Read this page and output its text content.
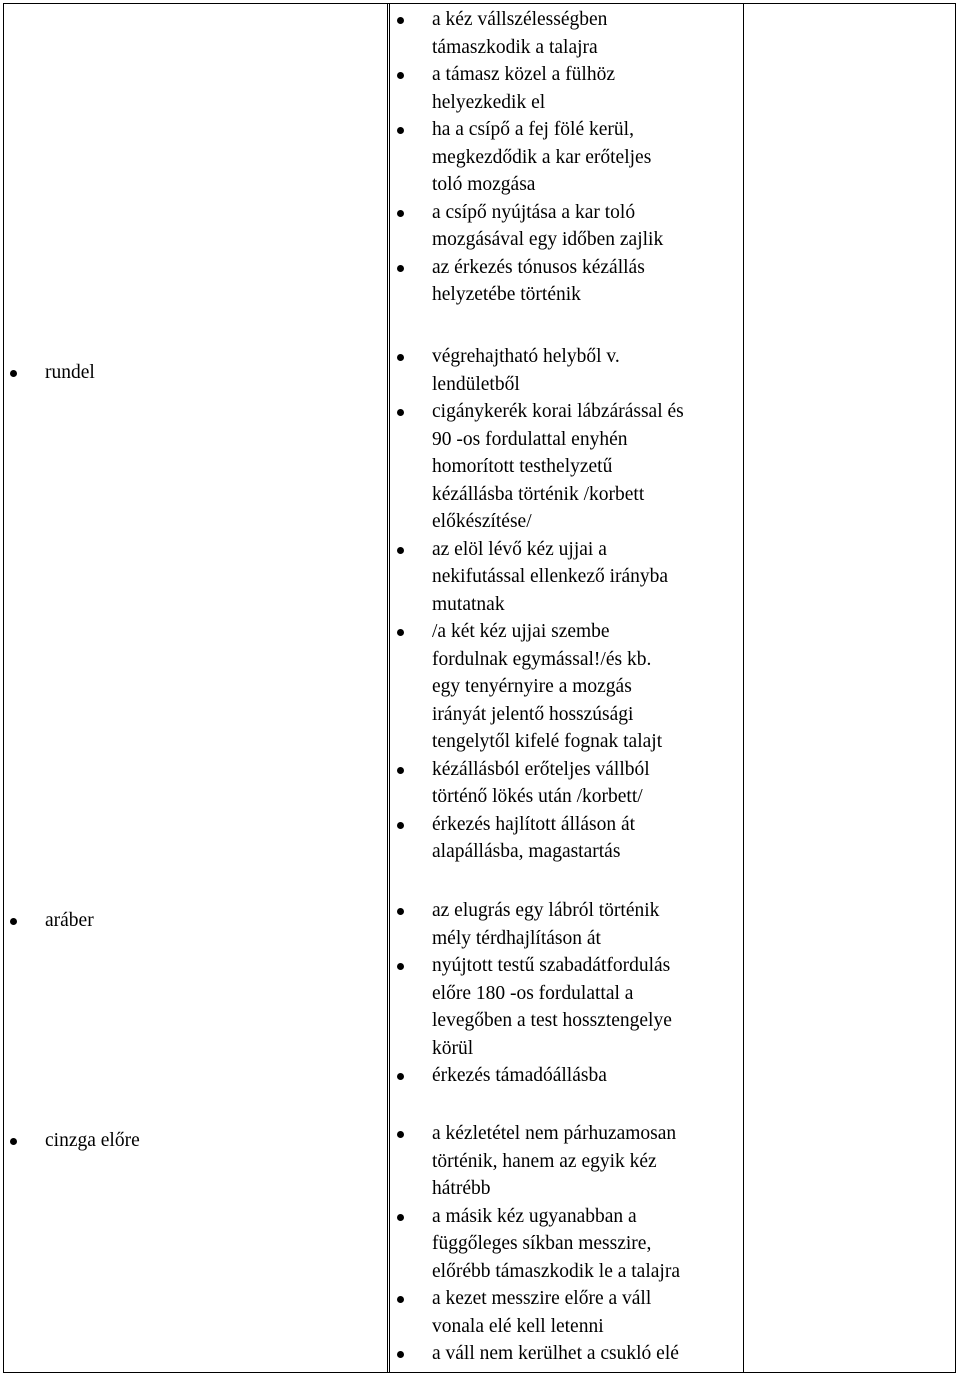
rundel
aráber
cinzga előre
a kéz vállszélességben
támaszkodik a talajra
a támasz közel a fülhöz
helyezkedik el
ha a csípő a fej fölé kerül,
megkezdődik a kar erőteljes
toló mozgása
a csípő nyújtása a kar toló
mozgásával egy időben zajlik
az érkezés tónusos kézállás
helyzetébe történik
végrehajtható helyből v.
lendületből
cigánykerék korai lábzárással és
90 -os fordulattal enyhén
homorított testhelyzetű
kézállásba történik /korbett
előkészítése/
az elöl lévő kéz ujjai a
nekifutással ellenkező irányba
mutatnak
/a két kéz ujjai szembe
fordulnak egymással!/és kb.
egy tenyérnyire a mozgás
irányát jelentő hosszúsági
tengelytől kifelé fognak talajt
kézállásból erőteljes vállból
történő lökés után /korbett/
érkezés hajlított álláson át
alapállásba, magastartás
az elugrás egy lábról történik
mély térdhajlításon át
nyújtott testű szabadátfordulás
előre 180 -os fordulattal a
levegőben a test hossztengelye
körül
érkezés támadóállásba
a kézletétel nem párhuzamosan
történik, hanem az egyik kéz
hátrébb
a másik kéz ugyanabban a
függőleges síkban messzire,
előrébb támaszkodik le a talajra
a kezet messzire előre a váll
vonala elé kell letenni
a váll nem kerülhet a csukló elé
